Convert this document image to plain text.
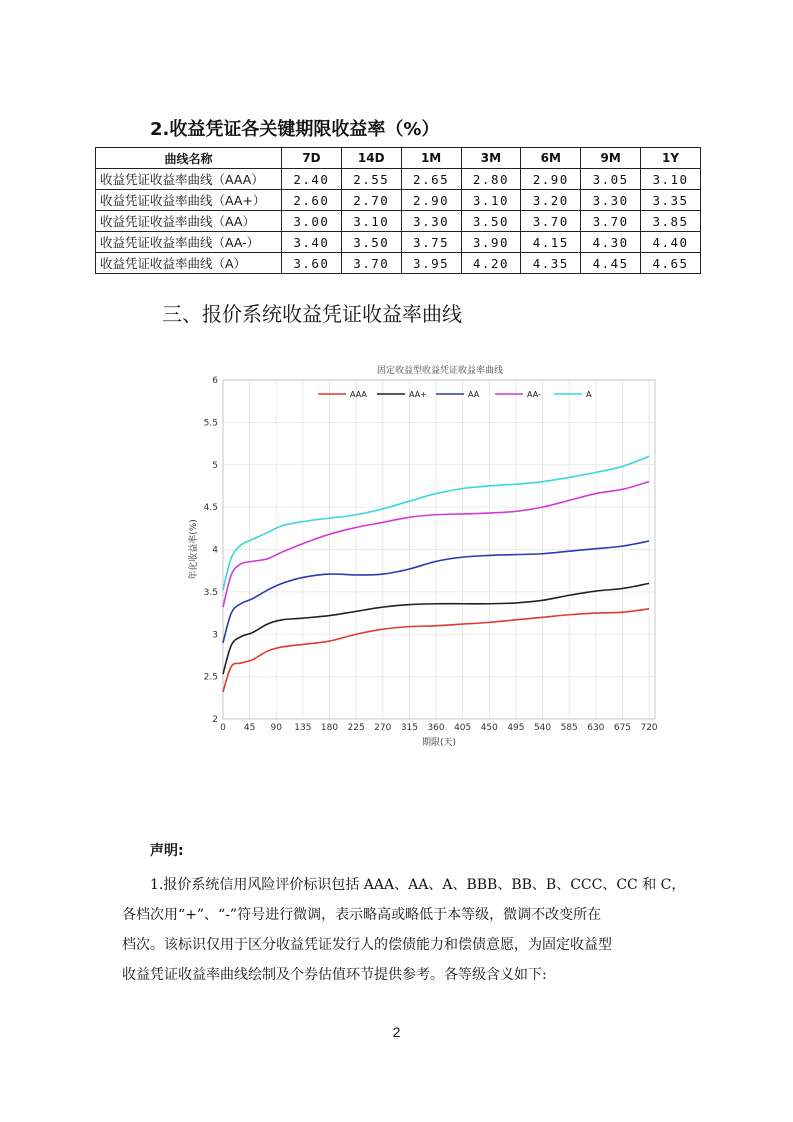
2.收益凭证各关键期限收益率（%）
曲线名称	7D	14D	1M	3M	6M	9M	1Y
收益凭证收益率曲线（AAA）	2.40	2.55	2.65	2.80	2.90	3.05	3.10
收益凭证收益率曲线（AA+）	2.60	2.70	2.90	3.10	3.20	3.30	3.35
收益凭证收益率曲线（AA）	3.00	3.10	3.30	3.50	3.70	3.70	3.85
收益凭证收益率曲线（AA-）	3.40	3.50	3.75	3.90	4.15	4.30	4.40
收益凭证收益率曲线（A）	3.60	3.70	3.95	4.20	4.35	4.45	4.65
三、报价系统收益凭证收益率曲线
固定收益型收益凭证收益率曲线
0 45 90 135 180 225 270 315 360 405 450 495 540 585 630 675 720
2
2.5
3
3.5
4
4.5
5
5.5
6
AAA	AA+	AA	AA-	A
期限(天)
年化收益率(%)
声明:
1.报价系统信用风险评价标识包括 AAA、AA、A、BBB、BB、B、CCC、CC 和 C，
各档次用“+”、“-”符号进行微调，表示略高或略低于本等级，微调不改变所在
档次。该标识仅用于区分收益凭证发行人的偿债能力和偿债意愿，为固定收益型
收益凭证收益率曲线绘制及个券估值环节提供参考。各等级含义如下:
2
